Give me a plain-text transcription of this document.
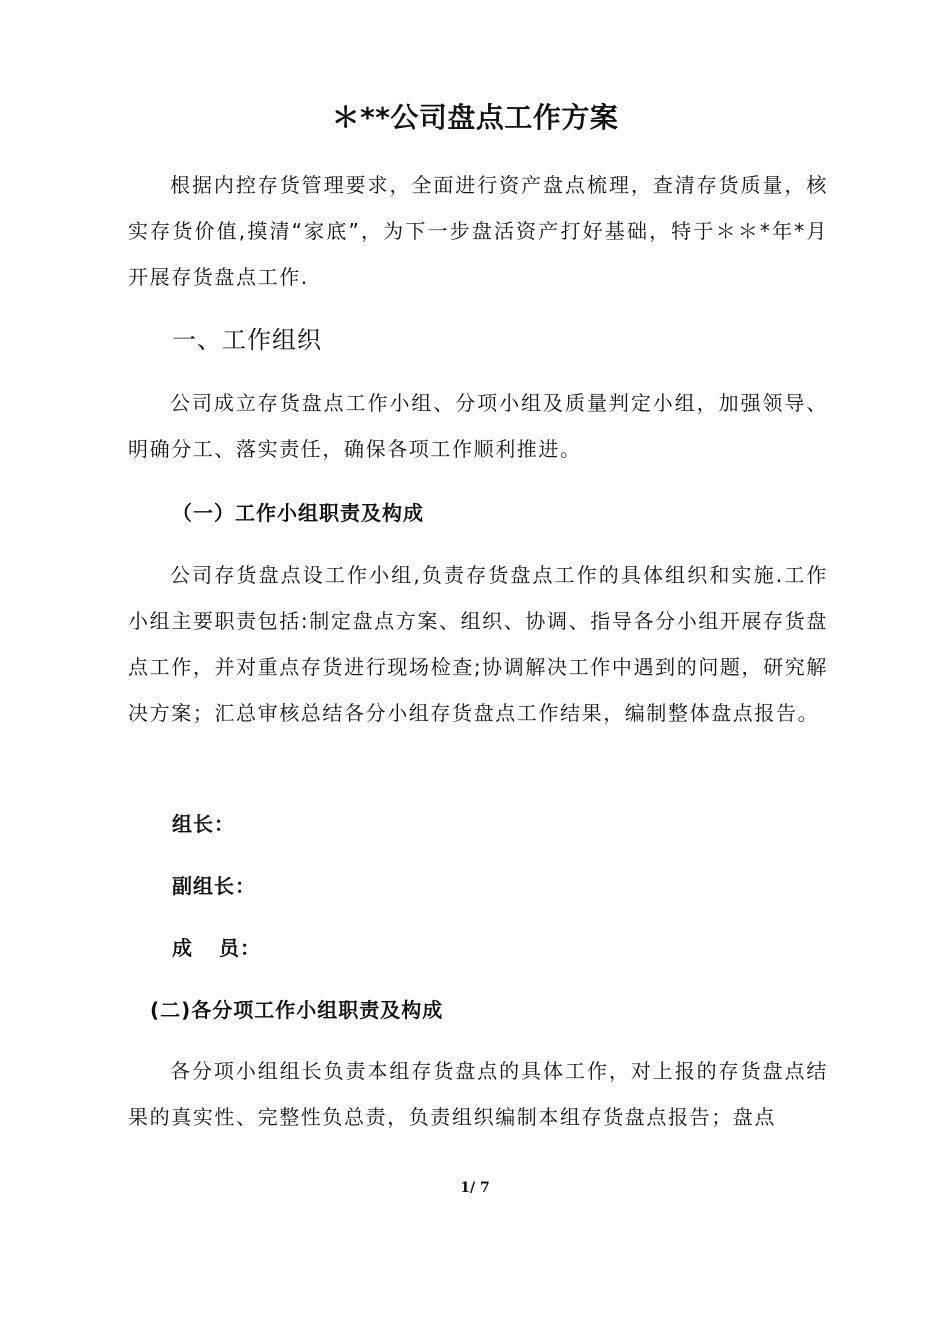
＊**公司盘点工作方案
根据内控存货管理要求，全面进行资产盘点梳理，查清存货质量，核实存货价值,摸清“家底”，为下一步盘活资产打好基础，特于＊＊*年*月开展存货盘点工作.
一、工作组织
公司成立存货盘点工作小组、分项小组及质量判定小组，加强领导、明确分工、落实责任，确保各项工作顺利推进。
（一）工作小组职责及构成
公司存货盘点设工作小组,负责存货盘点工作的具体组织和实施.工作小组主要职责包括:制定盘点方案、组织、协调、指导各分小组开展存货盘点工作，并对重点存货进行现场检查;协调解决工作中遇到的问题，研究解决方案；汇总审核总结各分小组存货盘点工作结果，编制整体盘点报告。
组长：
副组长：
成 员：
(二)各分项工作小组职责及构成
各分项小组组长负责本组存货盘点的具体工作，对上报的存货盘点结果的真实性、完整性负总责，负责组织编制本组存货盘点报告；盘点
1/ 7
